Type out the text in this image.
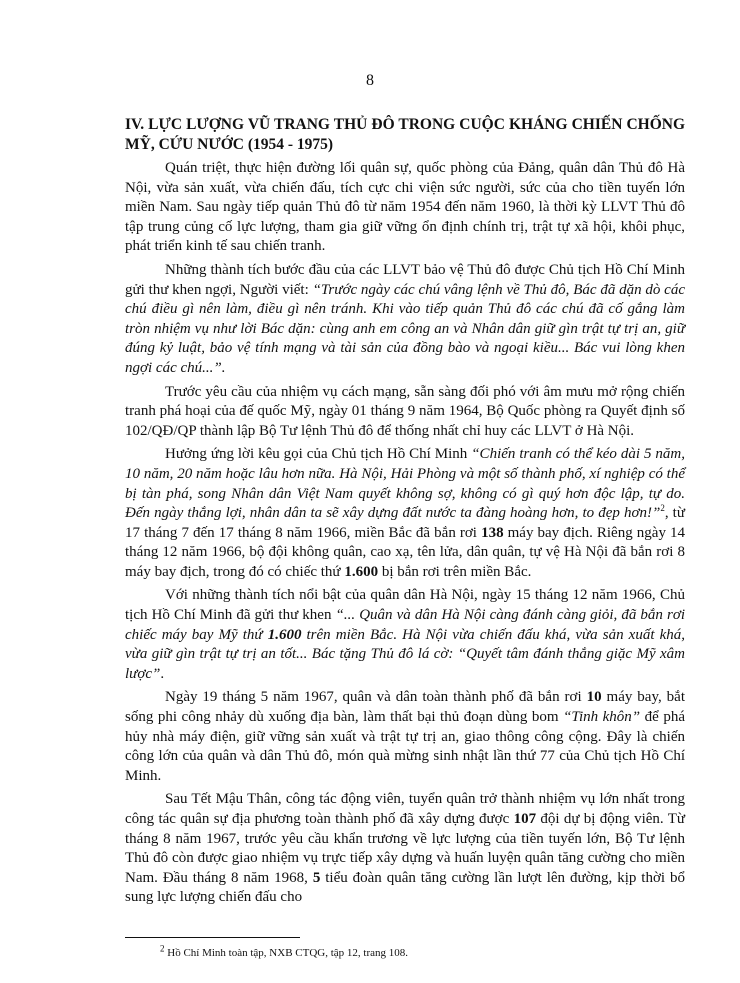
8
IV. LỰC LƯỢNG VŨ TRANG THỦ ĐÔ TRONG CUỘC KHÁNG CHIẾN CHỐNG MỸ, CỨU NƯỚC (1954 - 1975)

Quán triệt, thực hiện đường lối quân sự, quốc phòng của Đảng, quân dân Thủ đô Hà Nội, vừa sản xuất, vừa chiến đấu, tích cực chi viện sức người, sức của cho tiền tuyến lớn miền Nam. Sau ngày tiếp quản Thủ đô từ năm 1954 đến năm 1960, là thời kỳ LLVT Thủ đô tập trung củng cố lực lượng, tham gia giữ vững ổn định chính trị, trật tự xã hội, khôi phục, phát triển kinh tế sau chiến tranh.

Những thành tích bước đầu của các LLVT bảo vệ Thủ đô được Chủ tịch Hồ Chí Minh gửi thư khen ngợi, Người viết: “Trước ngày các chú vâng lệnh về Thủ đô, Bác đã dặn dò các chú điều gì nên làm, điều gì nên tránh. Khi vào tiếp quản Thủ đô các chú đã cố gắng làm tròn nhiệm vụ như lời Bác dặn: cùng anh em công an và Nhân dân giữ gìn trật tự trị an, giữ đúng kỷ luật, bảo vệ tính mạng và tài sản của đồng bào và ngoại kiều... Bác vui lòng khen ngợi các chú...”.

Trước yêu cầu của nhiệm vụ cách mạng, sẵn sàng đối phó với âm mưu mở rộng chiến tranh phá hoại của đế quốc Mỹ, ngày 01 tháng 9 năm 1964, Bộ Quốc phòng ra Quyết định số 102/QĐ/QP thành lập Bộ Tư lệnh Thủ đô để thống nhất chỉ huy các LLVT ở Hà Nội.

Hưởng ứng lời kêu gọi của Chủ tịch Hồ Chí Minh “Chiến tranh có thể kéo dài 5 năm, 10 năm, 20 năm hoặc lâu hơn nữa. Hà Nội, Hải Phòng và một số thành phố, xí nghiệp có thể bị tàn phá, song Nhân dân Việt Nam quyết không sợ, không có gì quý hơn độc lập, tự do. Đến ngày thắng lợi, nhân dân ta sẽ xây dựng đất nước ta đàng hoàng hơn, to đẹp hơn!”$^2$, từ 17 tháng 7 đến 17 tháng 8 năm 1966, miền Bắc đã bắn rơi 138 máy bay địch. Riêng ngày 14 tháng 12 năm 1966, bộ đội không quân, cao xạ, tên lửa, dân quân, tự vệ Hà Nội đã bắn rơi 8 máy bay địch, trong đó có chiếc thứ 1.600 bị bắn rơi trên miền Bắc.

Với những thành tích nổi bật của quân dân Hà Nội, ngày 15 tháng 12 năm 1966, Chủ tịch Hồ Chí Minh đã gửi thư khen “... Quân và dân Hà Nội càng đánh càng giỏi, đã bắn rơi chiếc máy bay Mỹ thứ 1.600 trên miền Bắc. Hà Nội vừa chiến đấu khá, vừa sản xuất khá, vừa giữ gìn trật tự trị an tốt... Bác tặng Thủ đô lá cờ: “Quyết tâm đánh thắng giặc Mỹ xâm lược”.

Ngày 19 tháng 5 năm 1967, quân và dân toàn thành phố đã bắn rơi 10 máy bay, bắt sống phi công nhảy dù xuống địa bàn, làm thất bại thủ đoạn dùng bom “Tinh khôn” để phá hủy nhà máy điện, giữ vững sản xuất và trật tự trị an, giao thông công cộng. Đây là chiến công lớn của quân và dân Thủ đô, món quà mừng sinh nhật lần thứ 77 của Chủ tịch Hồ Chí Minh.

Sau Tết Mậu Thân, công tác động viên, tuyển quân trở thành nhiệm vụ lớn nhất trong công tác quân sự địa phương toàn thành phố đã xây dựng được 107 đội dự bị động viên. Từ tháng 8 năm 1967, trước yêu cầu khẩn trương về lực lượng của tiền tuyến lớn, Bộ Tư lệnh Thủ đô còn được giao nhiệm vụ trực tiếp xây dựng và huấn luyện quân tăng cường cho miền Nam. Đầu tháng 8 năm 1968, 5 tiểu đoàn quân tăng cường lần lượt lên đường, kịp thời bổ sung lực lượng chiến đấu cho

$^2$ Hồ Chí Minh toàn tập, NXB CTQG, tập 12, trang 108.
